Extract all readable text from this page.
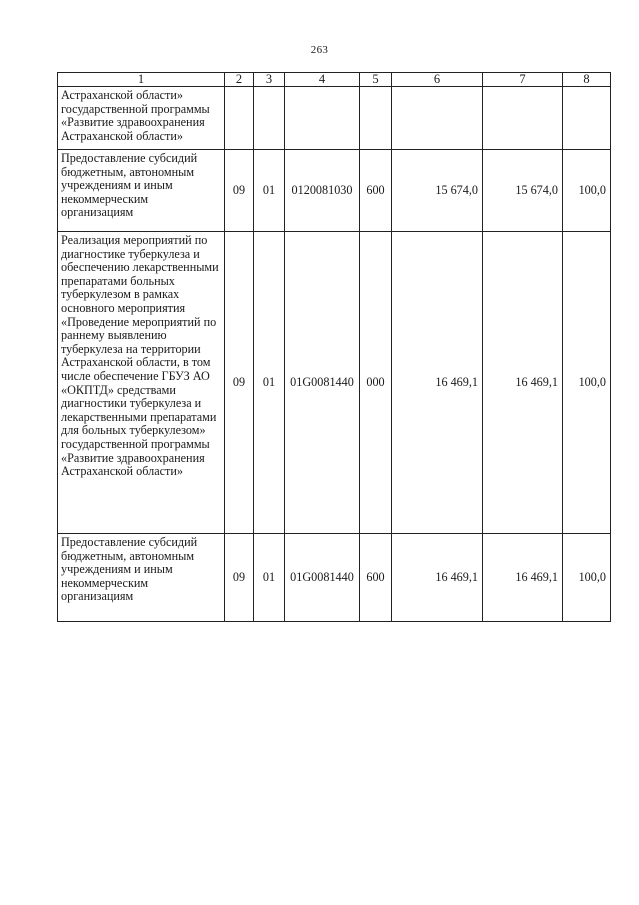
263
1	2	3	4	5	6	7	8

Астраханской области» государственной программы «Развитие здравоохранения Астраханской области»							

Предоставление субсидий бюджетным, автономным учреждениям и иным некоммерческим организациям	09	01	0120081030	600	15 674,0	15 674,0	100,0

Реализация мероприятий по диагностике туберкулеза и обеспечению лекарственными препаратами больных туберкулезом в рамках основного мероприятия «Проведение мероприятий по раннему выявлению туберкулеза на территории Астраханской области, в том числе обеспечение ГБУЗ АО «ОКПТД» средствами диагностики туберкулеза и лекарственными препаратами для больных туберкулезом» государственной программы «Развитие здравоохранения Астраханской области»	09	01	01G0081440	000	16 469,1	16 469,1	100,0

Предоставление субсидий бюджетным, автономным учреждениям и иным некоммерческим организациям	09	01	01G0081440	600	16 469,1	16 469,1	100,0
